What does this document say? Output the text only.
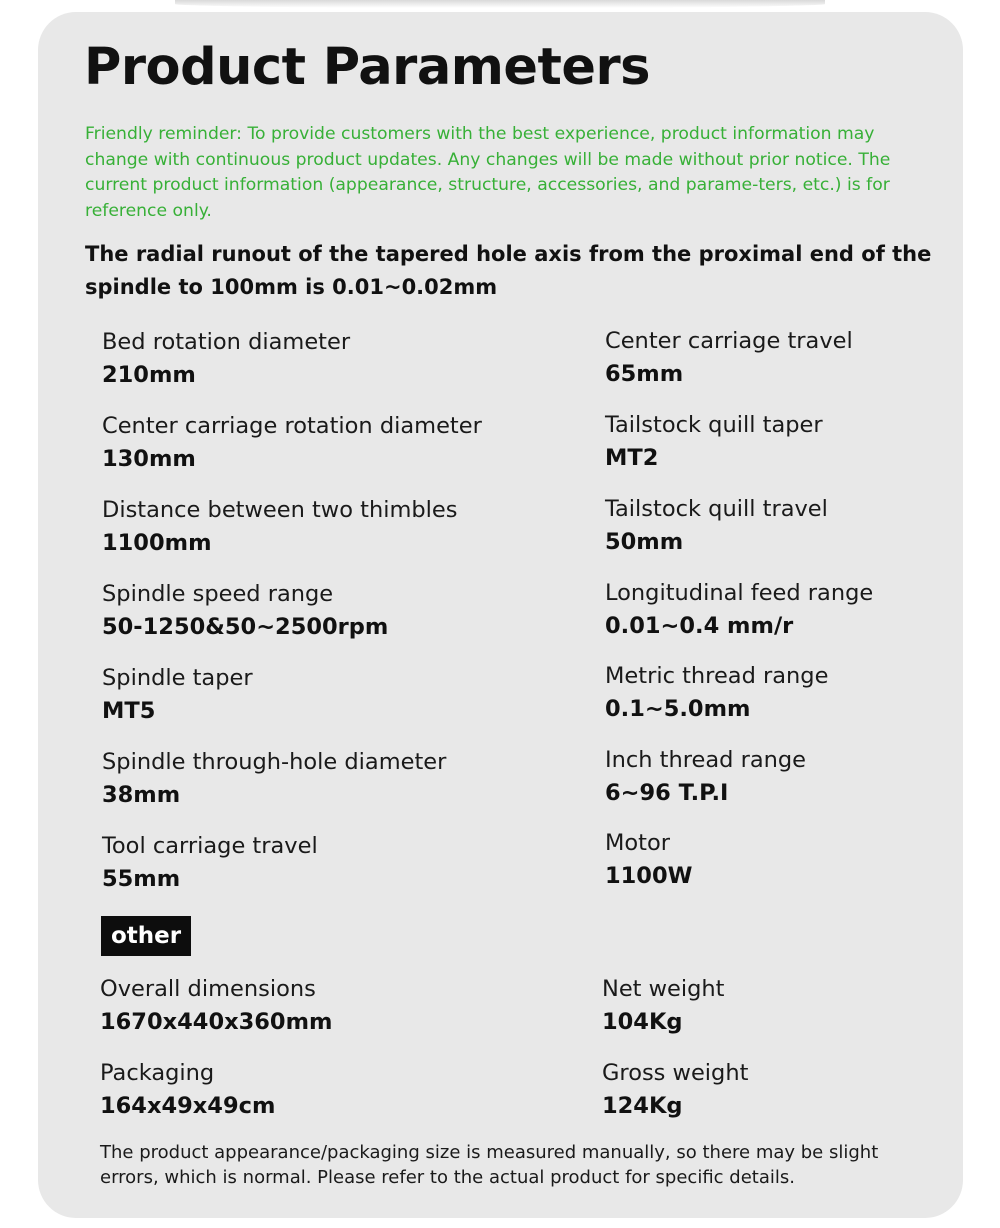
Product Parameters
Friendly reminder: To provide customers with the best experience, product information may change with continuous product updates. Any changes will be made without prior notice. The current product information (appearance, structure, accessories, and parame-ters, etc.) is for reference only.
The radial runout of the tapered hole axis from the proximal end of the spindle to 100mm is 0.01~0.02mm
Bed rotation diameter
210mm
Center carriage rotation diameter
130mm
Distance between two thimbles
1100mm
Spindle speed range
50-1250&50~2500rpm
Spindle taper
MT5
Spindle through-hole diameter
38mm
Tool carriage travel
55mm
Center carriage travel
65mm
Tailstock quill taper
MT2
Tailstock quill travel
50mm
Longitudinal feed range
0.01~0.4 mm/r
Metric thread range
0.1~5.0mm
Inch thread range
6~96 T.P.I
Motor
1100W
other
Overall dimensions
1670x440x360mm
Packaging
164x49x49cm
Net weight
104Kg
Gross weight
124Kg
The product appearance/packaging size is measured manually, so there may be slight errors, which is normal. Please refer to the actual product for specific details.
